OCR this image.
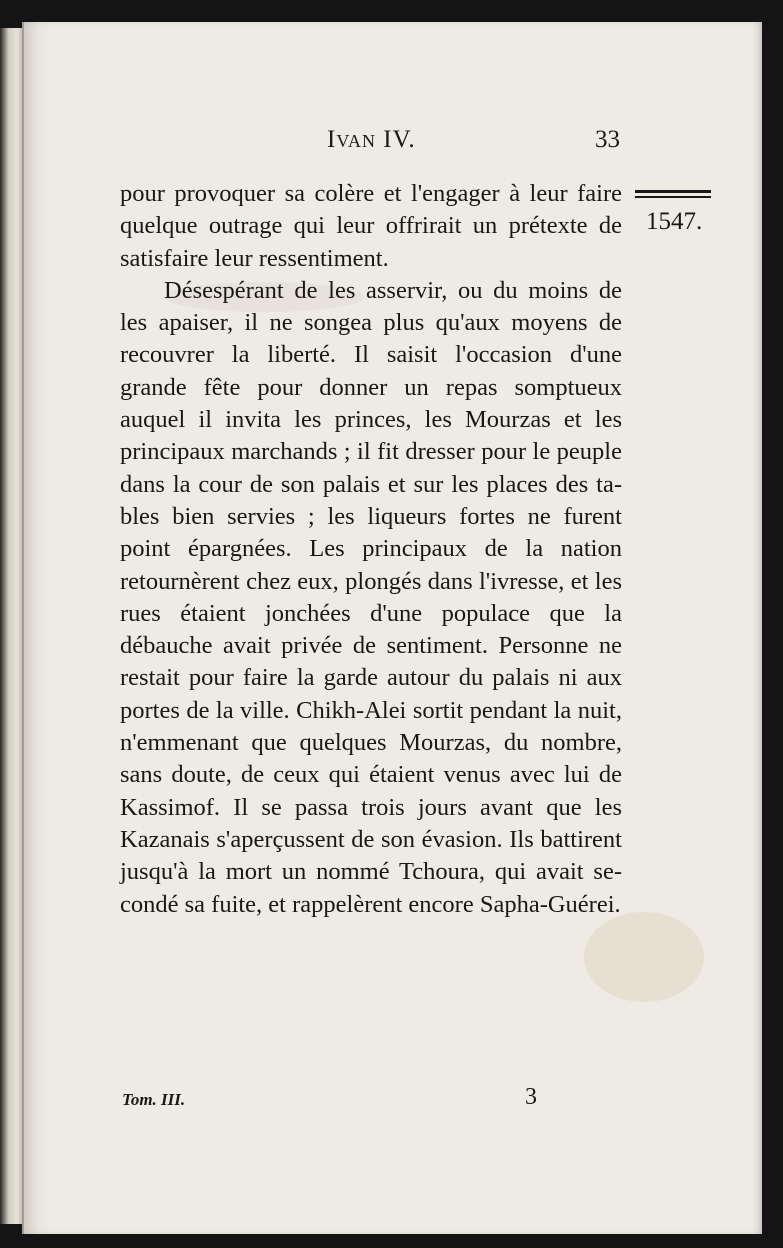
Ivan IV.	33
1547.

pour provoquer sa colère et l'engager à leur faire quelque outrage qui leur offrirait un prétexte de satisfaire leur ressentiment.

Désespérant de les asservir, ou du moins de les apaiser, il ne songea plus qu'aux moyens de recouvrer la liberté. Il saisit l'occasion d'une grande fête pour donner un repas somptueux auquel il invita les princes, les Mourzas et les principaux marchands ; il fit dresser pour le peuple dans la cour de son palais et sur les places des tables bien servies ; les liqueurs fortes ne furent point épargnées. Les principaux de la nation retournèrent chez eux, plongés dans l'ivresse, et les rues étaient jonchées d'une populace que la débauche avait privée de sentiment. Personne ne restait pour faire la garde autour du palais ni aux portes de la ville. Chikh-Alei sortit pendant la nuit, n'emmenant que quelques Mourzas, du nombre, sans doute, de ceux qui étaient venus avec lui de Kassimof. Il se passa trois jours avant que les Kazanais s'aperçussent de son évasion. Ils battirent jusqu'à la mort un nommé Tchoura, qui avait secondé sa fuite, et rappelèrent encore Sapha-Guérei.

Tom. III.	3
